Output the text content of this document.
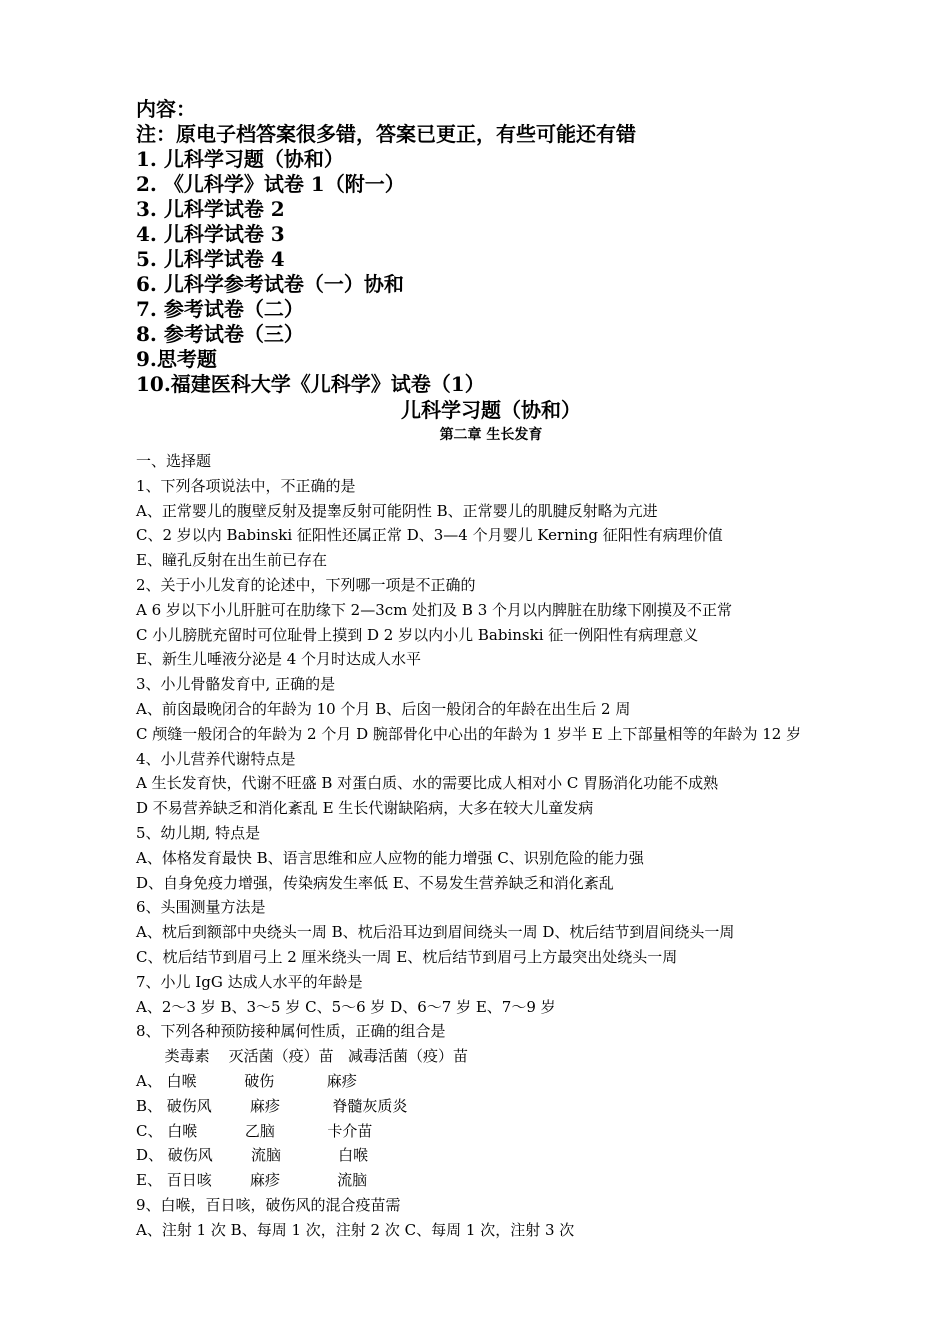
内容：
注：原电子档答案很多错，答案已更正，有些可能还有错
1. 儿科学习题（协和）
2. 《儿科学》试卷 1（附一）
3. 儿科学试卷 2
4. 儿科学试卷 3
5. 儿科学试卷 4
6. 儿科学参考试卷（一）协和
7. 参考试卷（二）
8. 参考试卷（三）
9.思考题
10.福建医科大学《儿科学》试卷（1）
儿科学习题（协和）
第二章 生长发育
一、选择题
1、下列各项说法中，不正确的是
A、正常婴儿的腹壁反射及提睾反射可能阴性 B、正常婴儿的肌腱反射略为亢进
C、2 岁以内 Babinski 征阳性还属正常 D、3—4 个月婴儿 Kerning 征阳性有病理价值
E、瞳孔反射在出生前已存在
2、关于小儿发育的论述中，下列哪一项是不正确的
A 6 岁以下小儿肝脏可在肋缘下 2—3cm 处扪及 B 3 个月以内脾脏在肋缘下刚摸及不正常
C 小儿膀胱充留时可位耻骨上摸到 D 2 岁以内小儿 Babinski 征一例阳性有病理意义
E、新生儿唾液分泌是 4 个月时达成人水平
3、小儿骨骼发育中, 正确的是
A、前囟最晚闭合的年龄为 10 个月 B、后囟一般闭合的年龄在出生后 2 周
C 颅缝一般闭合的年龄为 2 个月 D 腕部骨化中心出的年龄为 1 岁半 E 上下部量相等的年龄为 12 岁
4、小儿营养代谢特点是
A 生长发育快，代谢不旺盛 B 对蛋白质、水的需要比成人相对小 C 胃肠消化功能不成熟
D 不易营养缺乏和消化紊乱 E 生长代谢缺陷病，大多在较大儿童发病
5、幼儿期, 特点是
A、体格发育最快 B、语言思维和应人应物的能力增强 C、识别危险的能力强
D、自身免疫力增强，传染病发生率低 E、不易发生营养缺乏和消化紊乱
6、头围测量方法是
A、枕后到额部中央绕头一周 B、枕后沿耳边到眉间绕头一周 D、枕后结节到眉间绕头一周
C、枕后结节到眉弓上 2 厘米绕头一周 E、枕后结节到眉弓上方最突出处绕头一周
7、小儿 IgG 达成人水平的年龄是
A、2～3 岁 B、3～5 岁 C、5～6 岁 D、6～7 岁 E、7～9 岁
8、下列各种预防接种属何性质，正确的组合是
类毒素    灭活菌（疫）苗   减毒活菌（疫）苗
A、 白喉          破伤           麻疹
B、 破伤风        麻疹           脊髓灰质炎
C、 白喉          乙脑           卡介苗
D、 破伤风        流脑            白喉
E、 百日咳        麻疹            流脑
9、白喉，百日咳，破伤风的混合疫苗需
A、注射 1 次 B、每周 1 次，注射 2 次 C、每周 1 次，注射 3 次
